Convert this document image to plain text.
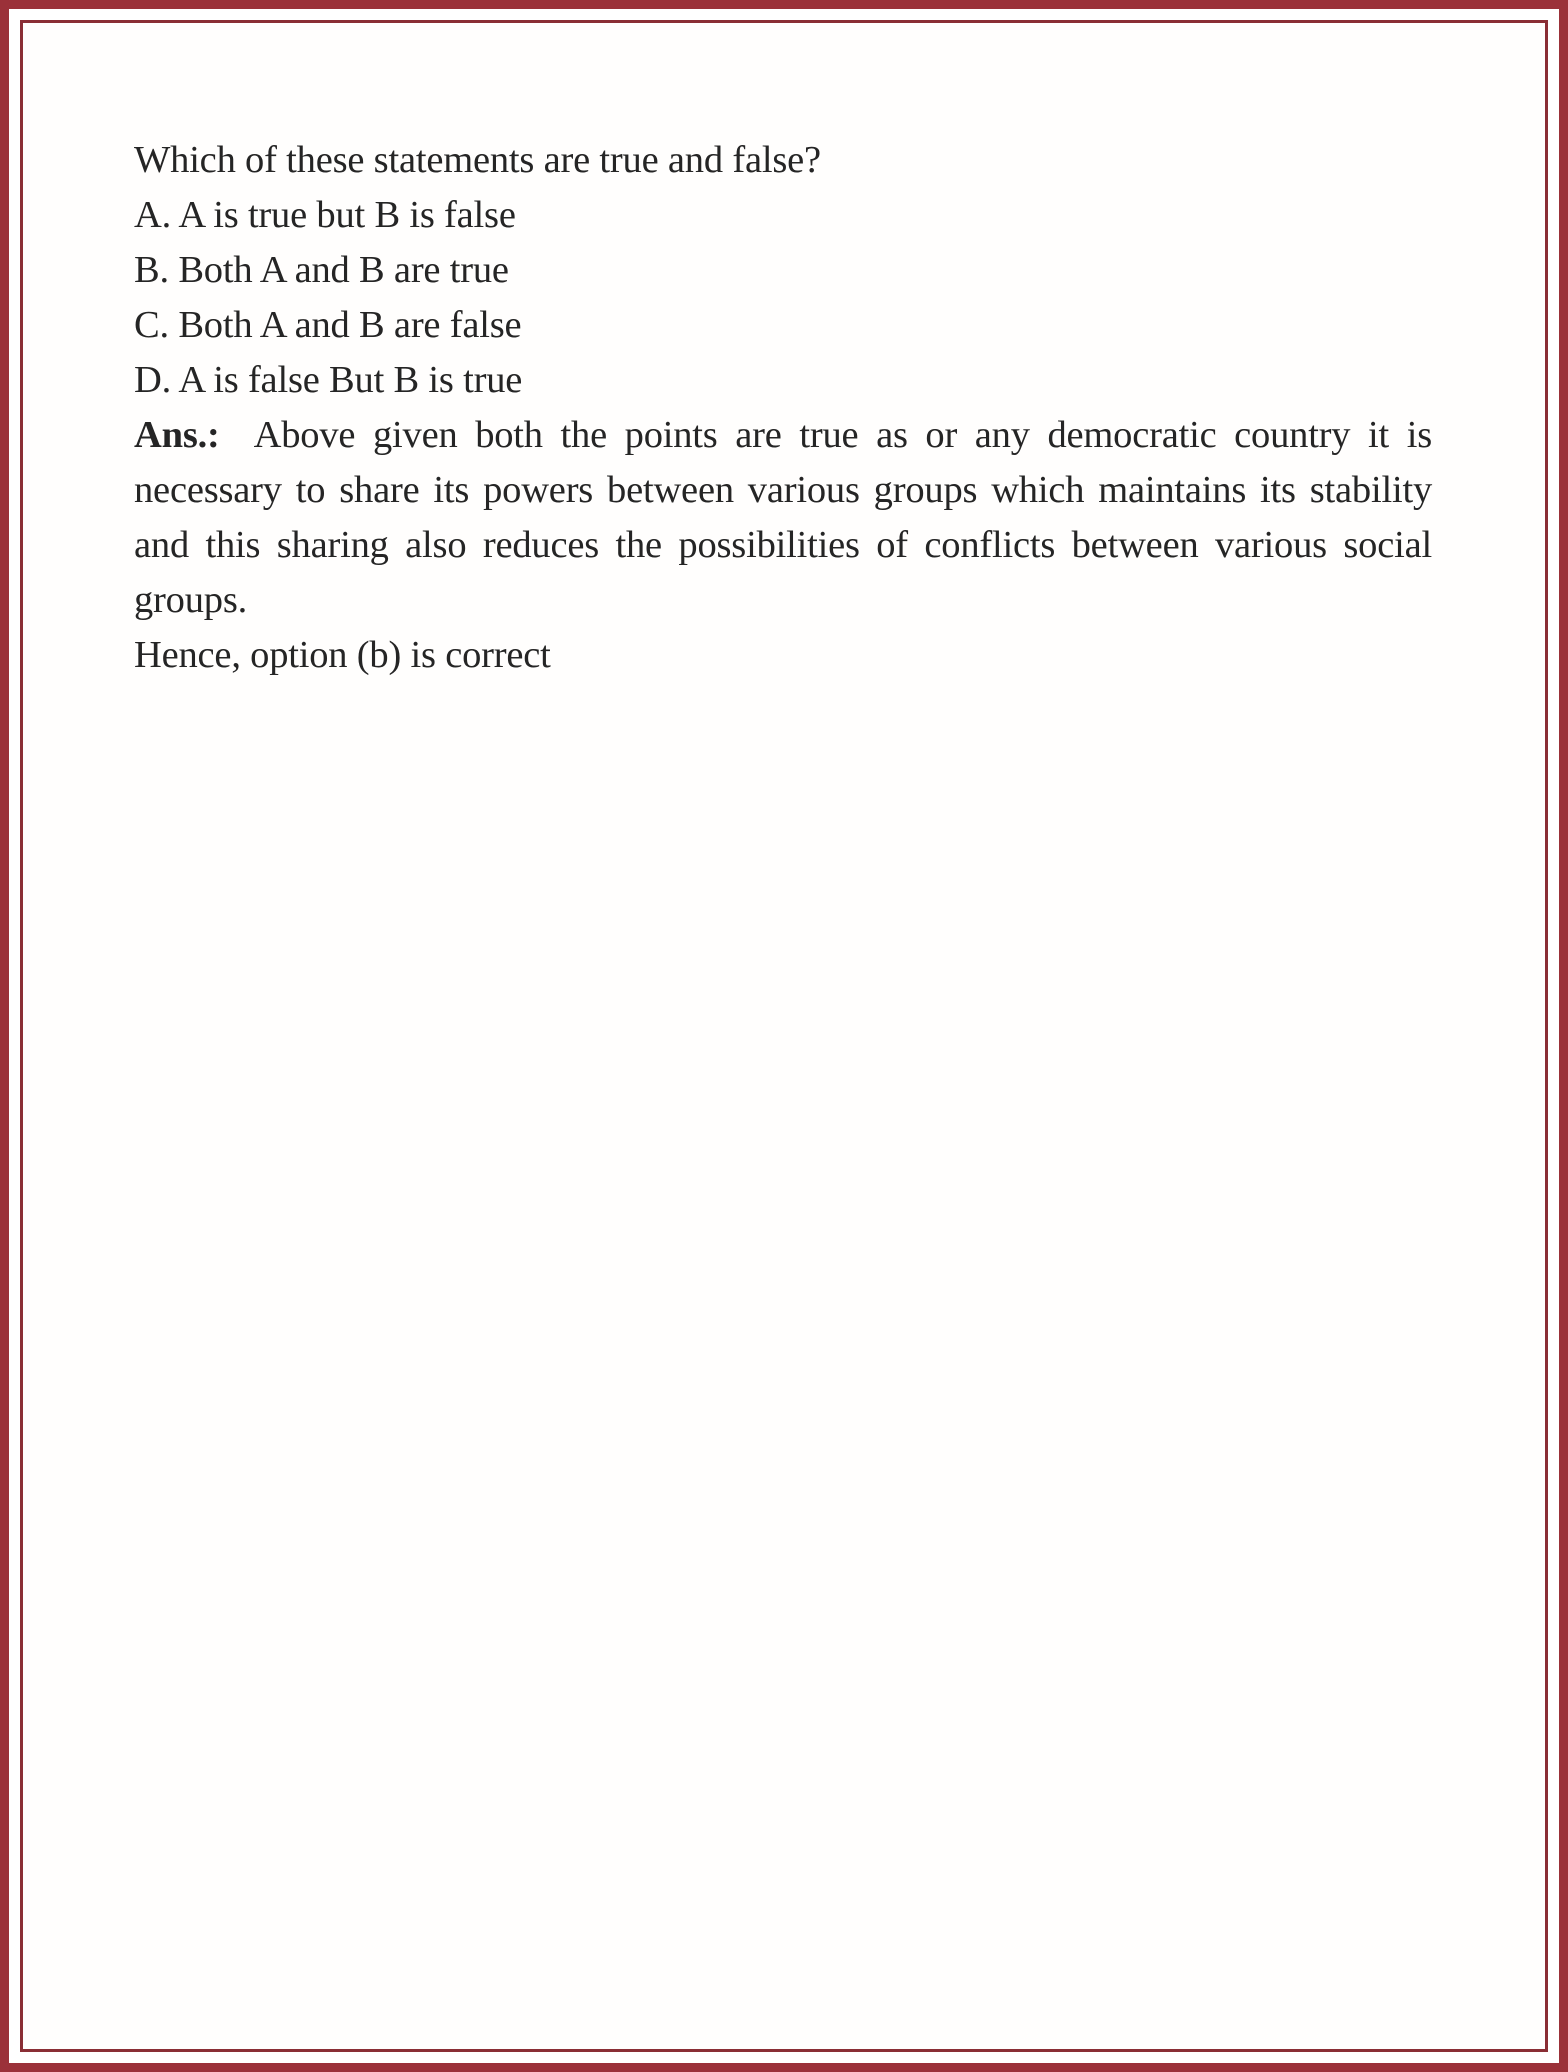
Which of these statements are true and false?
A. A is true but B is false
B. Both A and B are true
C. Both A and B are false
D. A is false But B is true

Ans.: Above given both the points are true as or any democratic country it is necessary to share its powers between various groups which maintains its stability and this sharing also reduces the possibilities of conflicts between various social groups.

Hence, option (b) is correct
